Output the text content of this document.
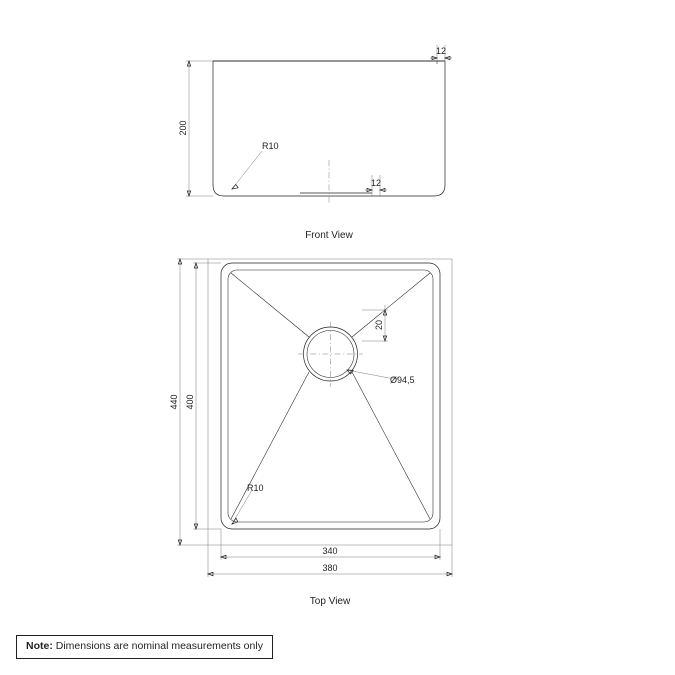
200
12
12
R10
Front View
440 400
340
380
20
Ø94,5
R10
Top View
Note: Dimensions are nominal measurements only
